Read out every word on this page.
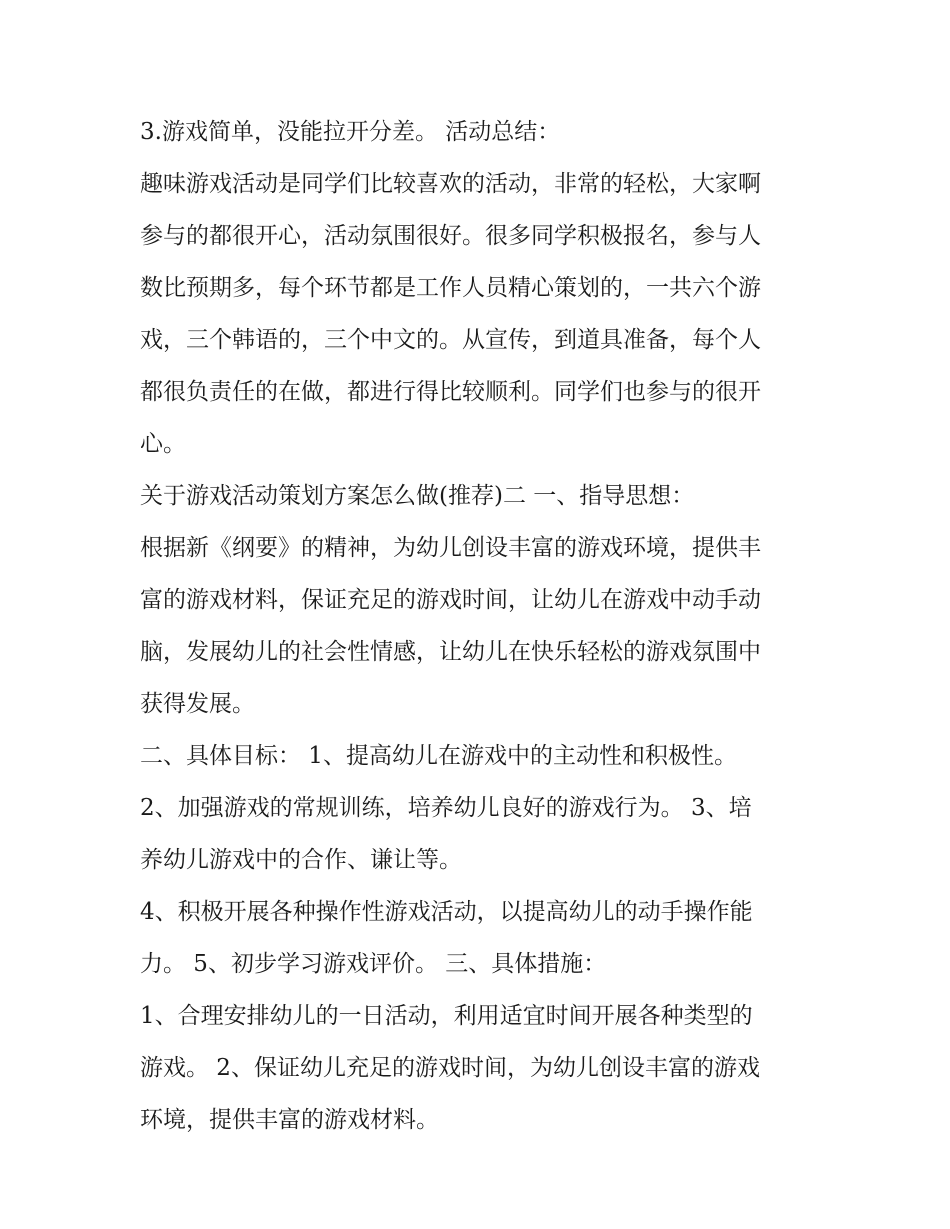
3.游戏简单，没能拉开分差。 活动总结：

趣味游戏活动是同学们比较喜欢的活动，非常的轻松，大家啊
参与的都很开心，活动氛围很好。很多同学积极报名，参与人
数比预期多，每个环节都是工作人员精心策划的，一共六个游
戏，三个韩语的，三个中文的。从宣传，到道具准备，每个人
都很负责任的在做，都进行得比较顺利。同学们也参与的很开
心。

关于游戏活动策划方案怎么做(推荐)二 一、指导思想：

根据新《纲要》的精神，为幼儿创设丰富的游戏环境，提供丰
富的游戏材料，保证充足的游戏时间，让幼儿在游戏中动手动
脑，发展幼儿的社会性情感，让幼儿在快乐轻松的游戏氛围中
获得发展。

二、具体目标： 1、提高幼儿在游戏中的主动性和积极性。

2、加强游戏的常规训练，培养幼儿良好的游戏行为。 3、培
养幼儿游戏中的合作、谦让等。

4、积极开展各种操作性游戏活动，以提高幼儿的动手操作能
力。 5、初步学习游戏评价。 三、具体措施：

1、合理安排幼儿的一日活动，利用适宜时间开展各种类型的
游戏。 2、保证幼儿充足的游戏时间，为幼儿创设丰富的游戏
环境，提供丰富的游戏材料。
